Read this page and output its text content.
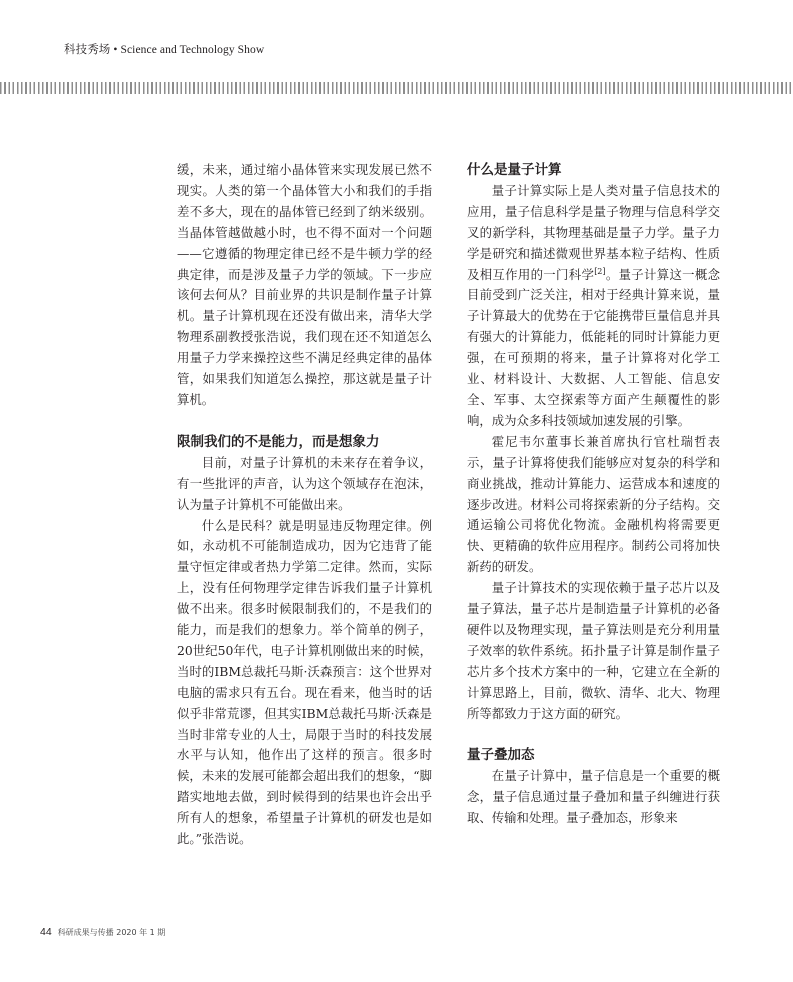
科技秀场 • Science and Technology Show

缓，未来，通过缩小晶体管来实现发展已然不现实。人类的第一个晶体管大小和我们的手指差不多大，现在的晶体管已经到了纳米级别。当晶体管越做越小时，也不得不面对一个问题——它遵循的物理定律已经不是牛顿力学的经典定律，而是涉及量子力学的领域。下一步应该何去何从？目前业界的共识是制作量子计算机。量子计算机现在还没有做出来，清华大学物理系副教授张浩说，我们现在还不知道怎么用量子力学来操控这些不满足经典定律的晶体管，如果我们知道怎么操控，那这就是量子计算机。

限制我们的不是能力，而是想象力

目前，对量子计算机的未来存在着争议，有一些批评的声音，认为这个领域存在泡沫，认为量子计算机不可能做出来。

什么是民科？就是明显违反物理定律。例如，永动机不可能制造成功，因为它违背了能量守恒定律或者热力学第二定律。然而，实际上，没有任何物理学定律告诉我们量子计算机做不出来。很多时候限制我们的，不是我们的能力，而是我们的想象力。举个简单的例子，20世纪50年代，电子计算机刚做出来的时候，当时的IBM总裁托马斯·沃森预言：这个世界对电脑的需求只有五台。现在看来，他当时的话似乎非常荒谬，但其实IBM总裁托马斯·沃森是当时非常专业的人士，局限于当时的科技发展水平与认知，他作出了这样的预言。很多时候，未来的发展可能都会超出我们的想象，“脚踏实地地去做，到时候得到的结果也许会出乎所有人的想象，希望量子计算机的研发也是如此。”张浩说。

什么是量子计算

量子计算实际上是人类对量子信息技术的应用，量子信息科学是量子物理与信息科学交叉的新学科，其物理基础是量子力学。量子力学是研究和描述微观世界基本粒子结构、性质及相互作用的一门科学[2]。量子计算这一概念目前受到广泛关注，相对于经典计算来说，量子计算最大的优势在于它能携带巨量信息并具有强大的计算能力，低能耗的同时计算能力更强，在可预期的将来，量子计算将对化学工业、材料设计、大数据、人工智能、信息安全、军事、太空探索等方面产生颠覆性的影响，成为众多科技领域加速发展的引擎。

霍尼韦尔董事长兼首席执行官杜瑞哲表示，量子计算将使我们能够应对复杂的科学和商业挑战，推动计算能力、运营成本和速度的逐步改进。材料公司将探索新的分子结构。交通运输公司将优化物流。金融机构将需要更快、更精确的软件应用程序。制药公司将加快新药的研发。

量子计算技术的实现依赖于量子芯片以及量子算法，量子芯片是制造量子计算机的必备硬件以及物理实现，量子算法则是充分利用量子效率的软件系统。拓扑量子计算是制作量子芯片多个技术方案中的一种，它建立在全新的计算思路上，目前，微软、清华、北大、物理所等都致力于这方面的研究。

量子叠加态

在量子计算中，量子信息是一个重要的概念，量子信息通过量子叠加和量子纠缠进行获取、传输和处理。量子叠加态，形象来

44 科研成果与传播 2020 年 1 期
